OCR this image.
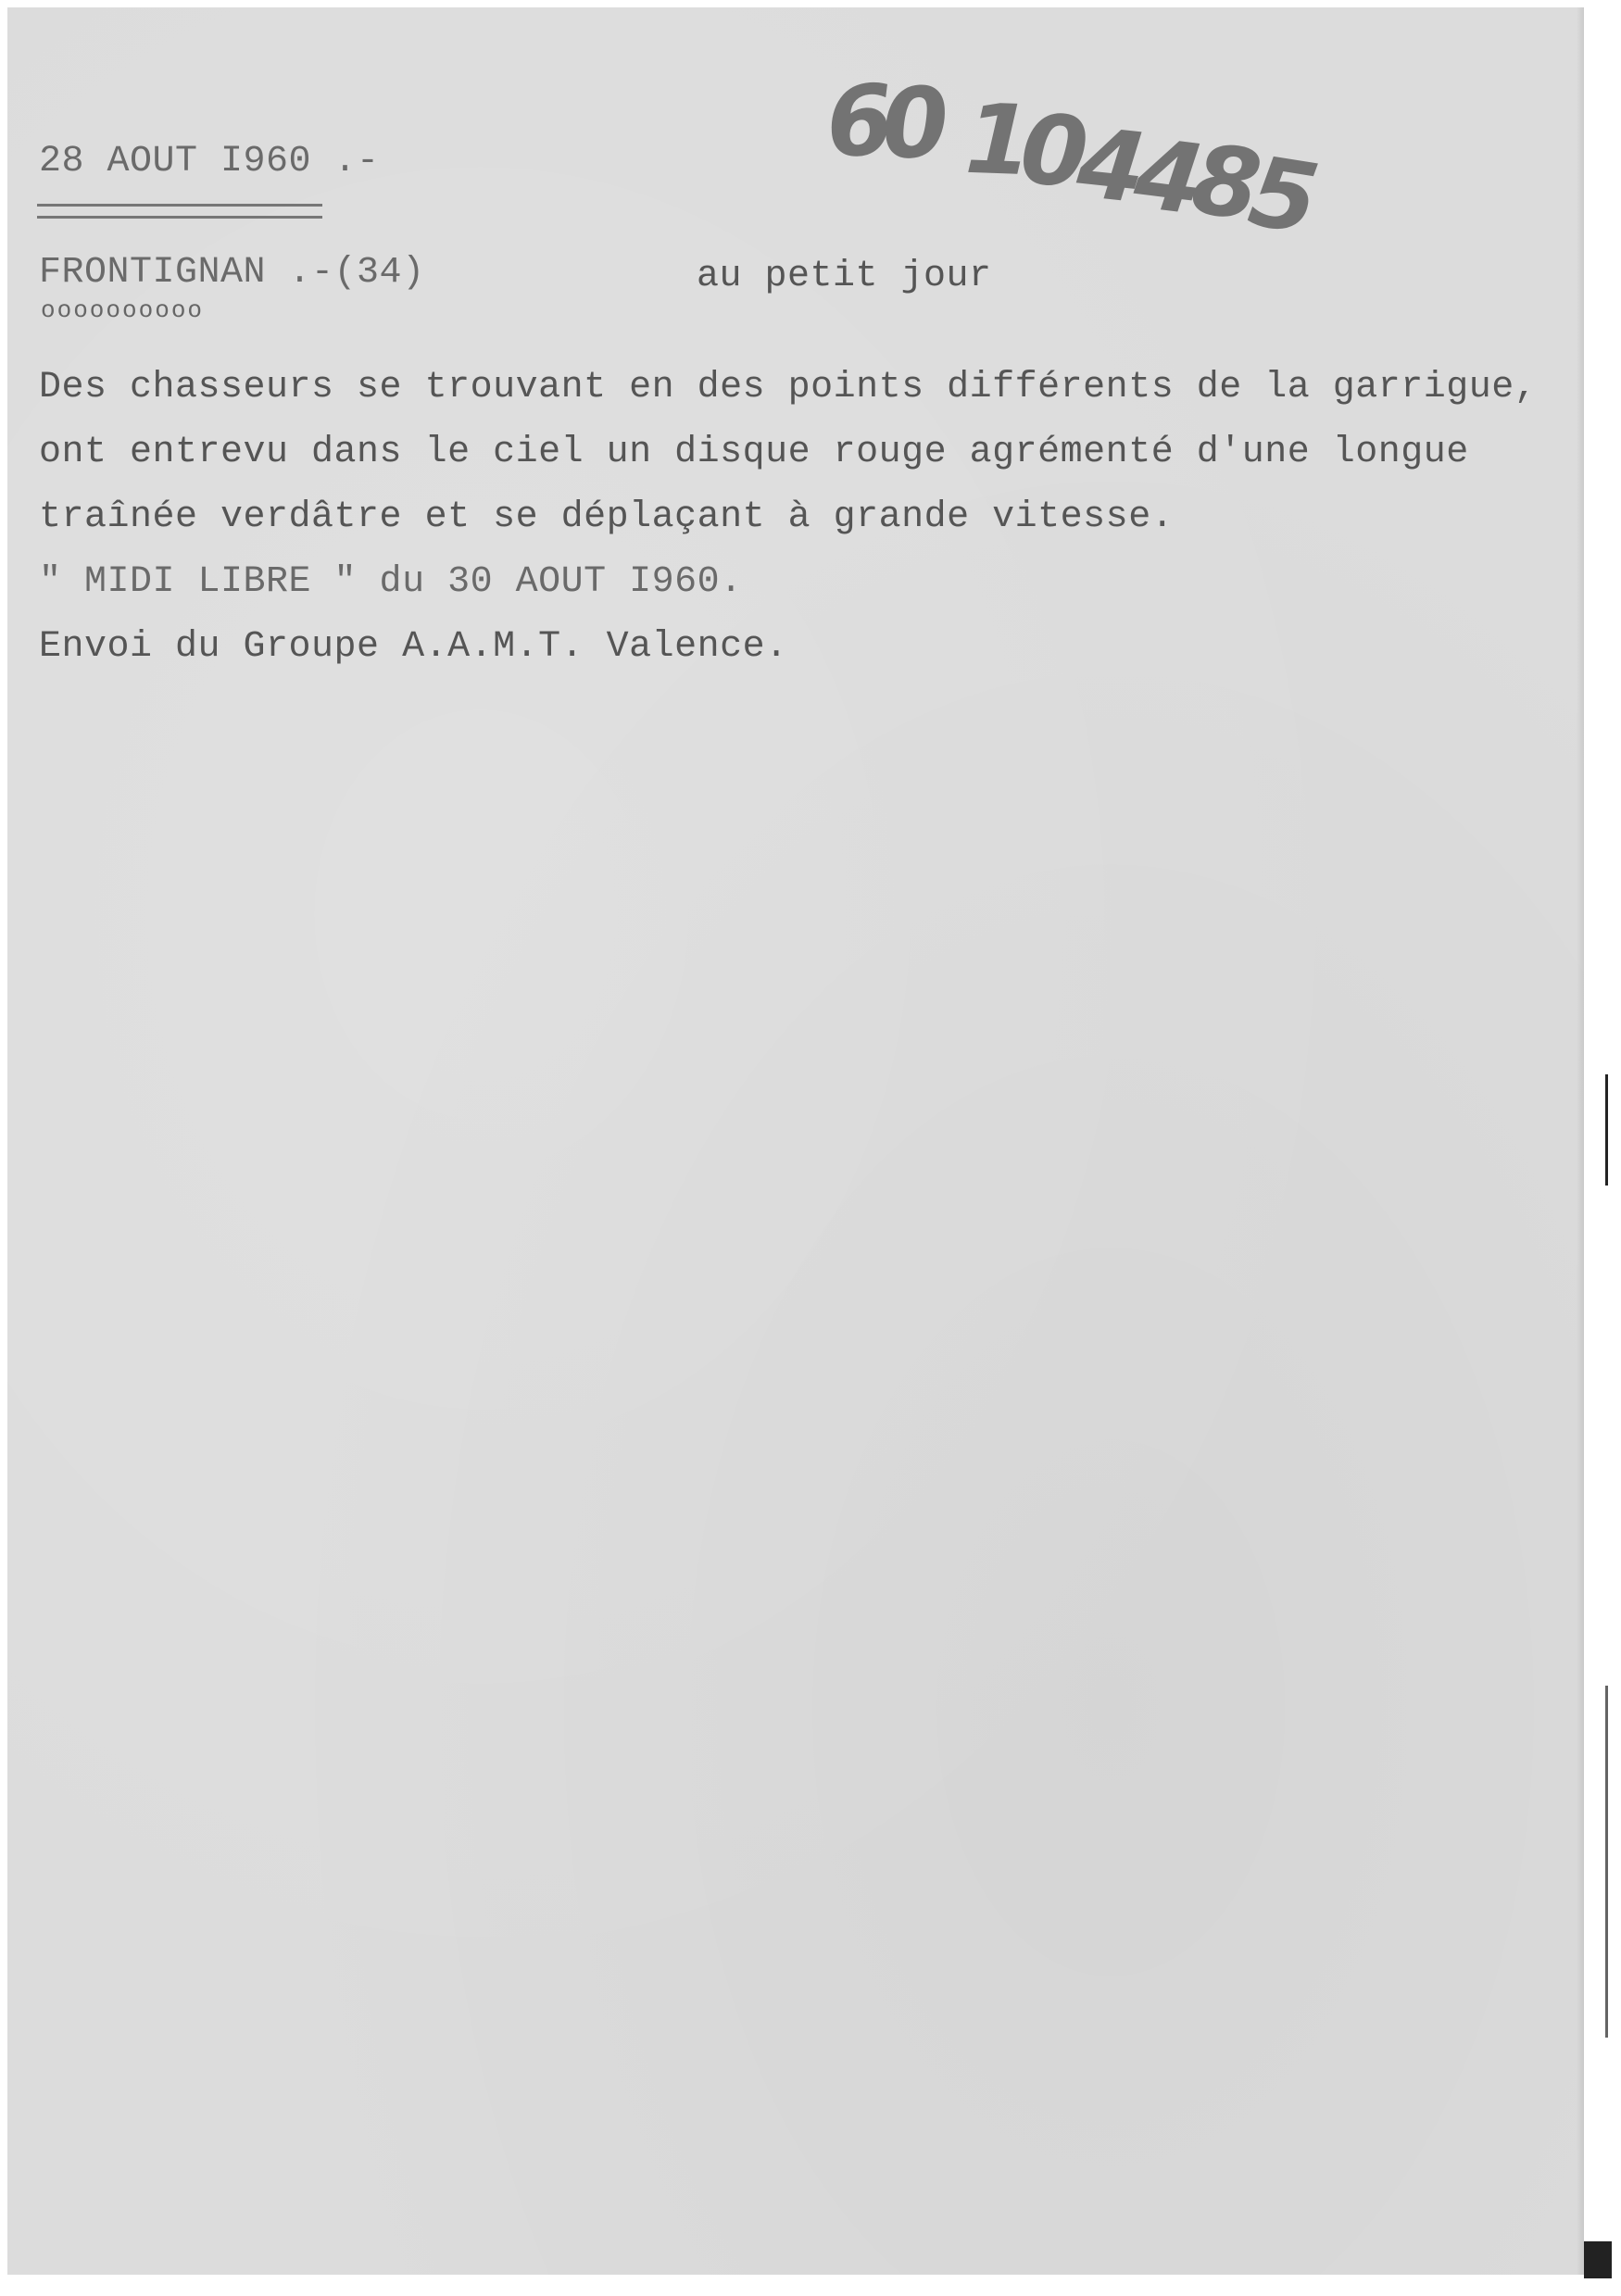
6
0 1
0
4
4
8
5
28 AOUT I960 .-
FRONTIGNAN .-(34)
oooooooooo
au petit jour
Des chasseurs se trouvant en des points différents de la garrigue,
ont entrevu dans le ciel un disque rouge agrémenté d'une longue
traînée verdâtre et se déplaçant à grande vitesse.
" MIDI LIBRE " du 30 AOUT I960.
Envoi du Groupe A.A.M.T. Valence.
